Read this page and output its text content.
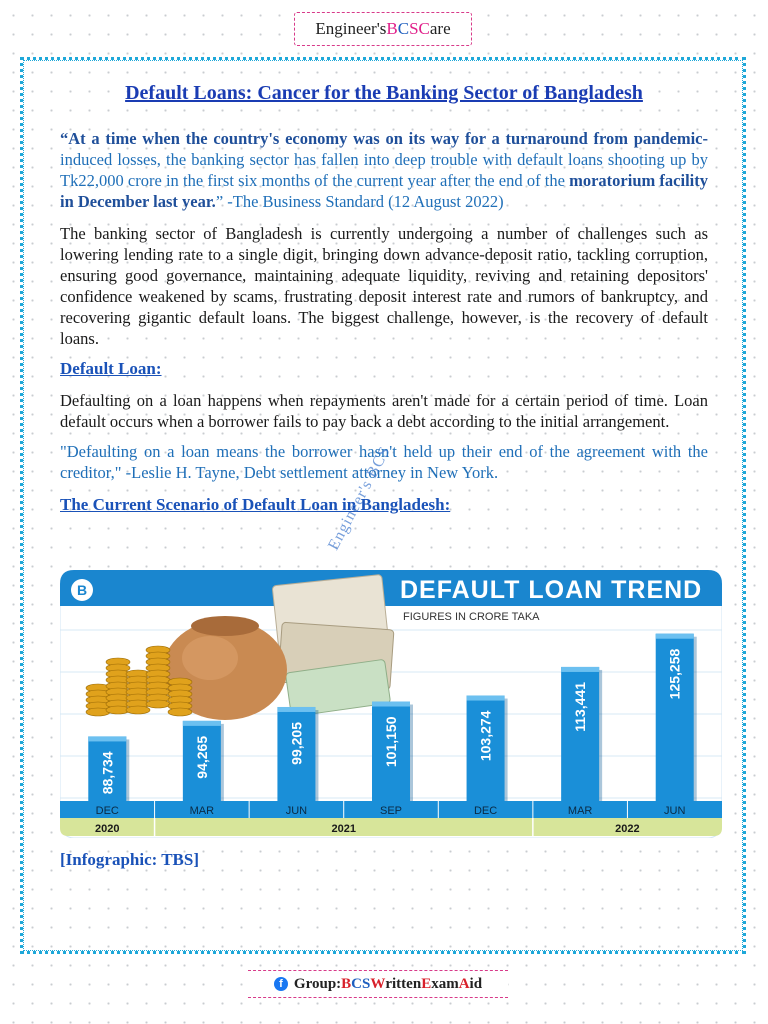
Engineer's B C S C are
Default Loans: Cancer for the Banking Sector of Bangladesh

“At a time when the country's economy was on its way for a turnaround from pandemic-induced losses, the banking sector has fallen into deep trouble with default loans shooting up by Tk22,000 crore in the first six months of the current year after the end of the moratorium facility in December last year.” -The Business Standard (12 August 2022)

The banking sector of Bangladesh is currently undergoing a number of challenges such as lowering lending rate to a single digit, bringing down advance-deposit ratio, tackling corruption, ensuring good governance, maintaining adequate liquidity, reviving and retaining depositors' confidence weakened by scams, frustrating deposit interest rate and rumors of bankruptcy, and recovering gigantic default loans. The biggest challenge, however, is the recovery of default loans.

Default Loan:

Defaulting on a loan happens when repayments aren't made for a certain period of time. Loan default occurs when a borrower fails to pay back a debt according to the initial arrangement.

"Defaulting on a loan means the borrower hasn't held up their end of the agreement with the creditor," -Leslie H. Tayne, Debt settlement attorney in New York.

The Current Scenario of Default Loan in Bangladesh:
Engineer's BCS
B	DEFAULT LOAN TREND
FIGURES IN CRORE TAKA
88,734	94,265	99,205	101,150	103,274
113,441
125,258
DEC	MAR	JUN	SEP	DEC	MAR	JUN
2020	2021	2022
[Infographic: TBS]
f Group: B CS W ritten E xam A id
